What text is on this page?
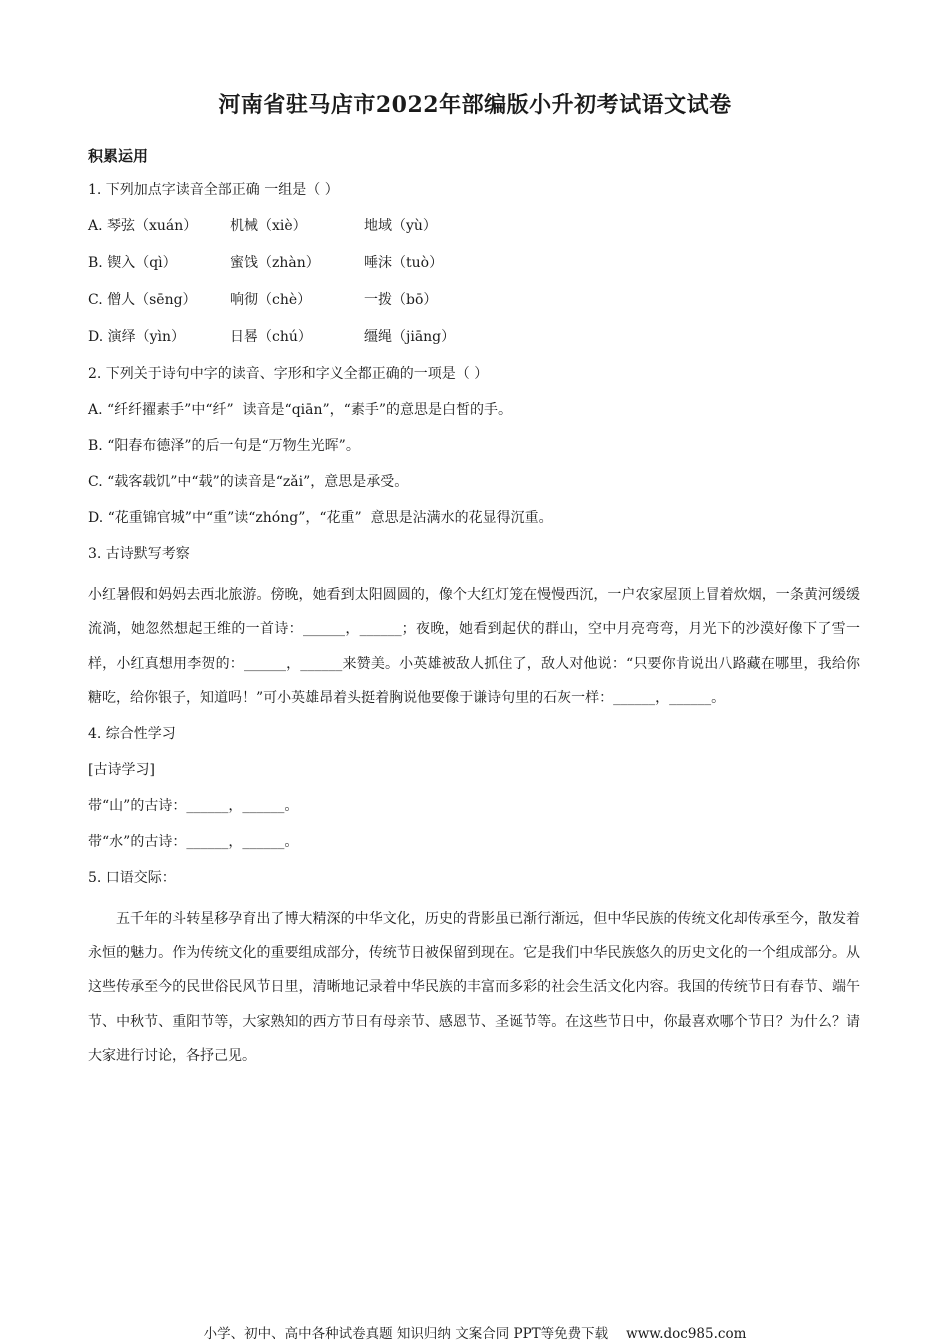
河南省驻马店市2022年部编版小升初考试语文试卷
积累运用
1. 下列加点字读音全部正确 一组是（ ）
A. 琴弦（xuán）	机械（xiè）	地域（yù）
B. 锲入（qì）	蜜饯（zhàn）	唾沫（tuò）
C. 僧人（sēng）	响彻（chè）	一拨（bō）
D. 演绎（yìn）	日晷（chú）	缰绳（jiāng）
2. 下列关于诗句中字的读音、字形和字义全都正确的一项是（ ）
A. “纤纤擢素手”中“纤”  读音是“qiān”，“素手”的意思是白皙的手。
B. “阳春布德泽”的后一句是“万物生光晖”。
C. “载客载饥”中“载”的读音是“zǎi”，意思是承受。
D. “花重锦官城”中“重”读“zhóng”，“花重”  意思是沾满水的花显得沉重。
3. 古诗默写考察
小红暑假和妈妈去西北旅游。傍晚，她看到太阳圆圆的，像个大红灯笼在慢慢西沉，一户农家屋顶上冒着炊烟，一条黄河缓缓流淌，她忽然想起王维的一首诗：______，______；夜晚，她看到起伏的群山，空中月亮弯弯，月光下的沙漠好像下了雪一样，小红真想用李贺的：______，______来赞美。小英雄被敌人抓住了，敌人对他说：“只要你肯说出八路藏在哪里，我给你糖吃，给你银子，知道吗！”可小英雄昂着头挺着胸说他要像于谦诗句里的石灰一样：______，______。
4. 综合性学习
[古诗学习]
带“山”的古诗：______，______。
带“水”的古诗：______，______。
5. 口语交际：
五千年的斗转星移孕育出了博大精深的中华文化，历史的背影虽已渐行渐远，但中华民族的传统文化却传承至今，散发着永恒的魅力。作为传统文化的重要组成部分，传统节日被保留到现在。它是我们中华民族悠久的历史文化的一个组成部分。从这些传承至今的民世俗民风节日里，清晰地记录着中华民族的丰富而多彩的社会生活文化内容。我国的传统节日有春节、端午节、中秋节、重阳节等，大家熟知的西方节日有母亲节、感恩节、圣诞节等。在这些节日中，你最喜欢哪个节日？为什么？请大家进行讨论，各抒己见。
小学、初中、高中各种试卷真题 知识归纳 文案合同 PPT等免费下载 www.doc985.com
